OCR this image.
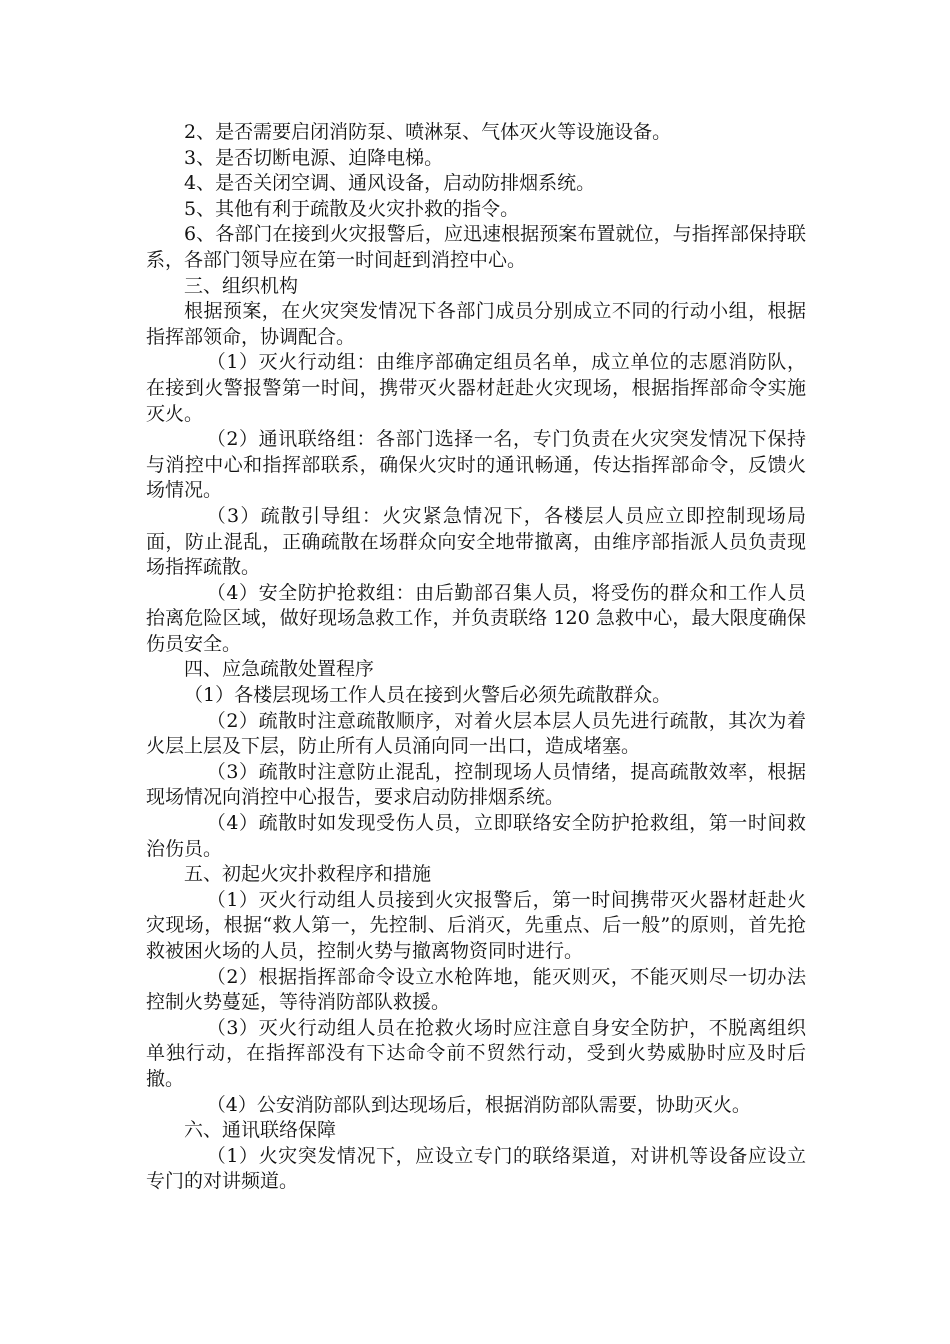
2、是否需要启闭消防泵、喷淋泵、气体灭火等设施设备。

3、是否切断电源、迫降电梯。

4、是否关闭空调、通风设备，启动防排烟系统。

5、其他有利于疏散及火灾扑救的指令。

6、各部门在接到火灾报警后，应迅速根据预案布置就位，与指挥部保持联系，各部门领导应在第一时间赶到消控中心。

三、组织机构

根据预案，在火灾突发情况下各部门成员分别成立不同的行动小组，根据指挥部领命，协调配合。

（1）灭火行动组：由维序部确定组员名单，成立单位的志愿消防队，在接到火警报警第一时间，携带灭火器材赶赴火灾现场，根据指挥部命令实施灭火。

（2）通讯联络组：各部门选择一名，专门负责在火灾突发情况下保持与消控中心和指挥部联系，确保火灾时的通讯畅通，传达指挥部命令，反馈火场情况。

（3）疏散引导组：火灾紧急情况下，各楼层人员应立即控制现场局面，防止混乱，正确疏散在场群众向安全地带撤离，由维序部指派人员负责现场指挥疏散。

（4）安全防护抢救组：由后勤部召集人员，将受伤的群众和工作人员抬离危险区域，做好现场急救工作，并负责联络 120 急救中心，最大限度确保伤员安全。

四、应急疏散处置程序

（1）各楼层现场工作人员在接到火警后必须先疏散群众。

（2）疏散时注意疏散顺序，对着火层本层人员先进行疏散，其次为着火层上层及下层，防止所有人员涌向同一出口，造成堵塞。

（3）疏散时注意防止混乱，控制现场人员情绪，提高疏散效率，根据现场情况向消控中心报告，要求启动防排烟系统。

（4）疏散时如发现受伤人员，立即联络安全防护抢救组，第一时间救治伤员。

五、初起火灾扑救程序和措施

（1）灭火行动组人员接到火灾报警后，第一时间携带灭火器材赶赴火灾现场，根据“救人第一，先控制、后消灭，先重点、后一般”的原则，首先抢救被困火场的人员，控制火势与撤离物资同时进行。

（2）根据指挥部命令设立水枪阵地，能灭则灭，不能灭则尽一切办法控制火势蔓延，等待消防部队救援。

（3）灭火行动组人员在抢救火场时应注意自身安全防护，不脱离组织单独行动，在指挥部没有下达命令前不贸然行动，受到火势威胁时应及时后撤。

（4）公安消防部队到达现场后，根据消防部队需要，协助灭火。

六、通讯联络保障

（1）火灾突发情况下，应设立专门的联络渠道，对讲机等设备应设立专门的对讲频道。
